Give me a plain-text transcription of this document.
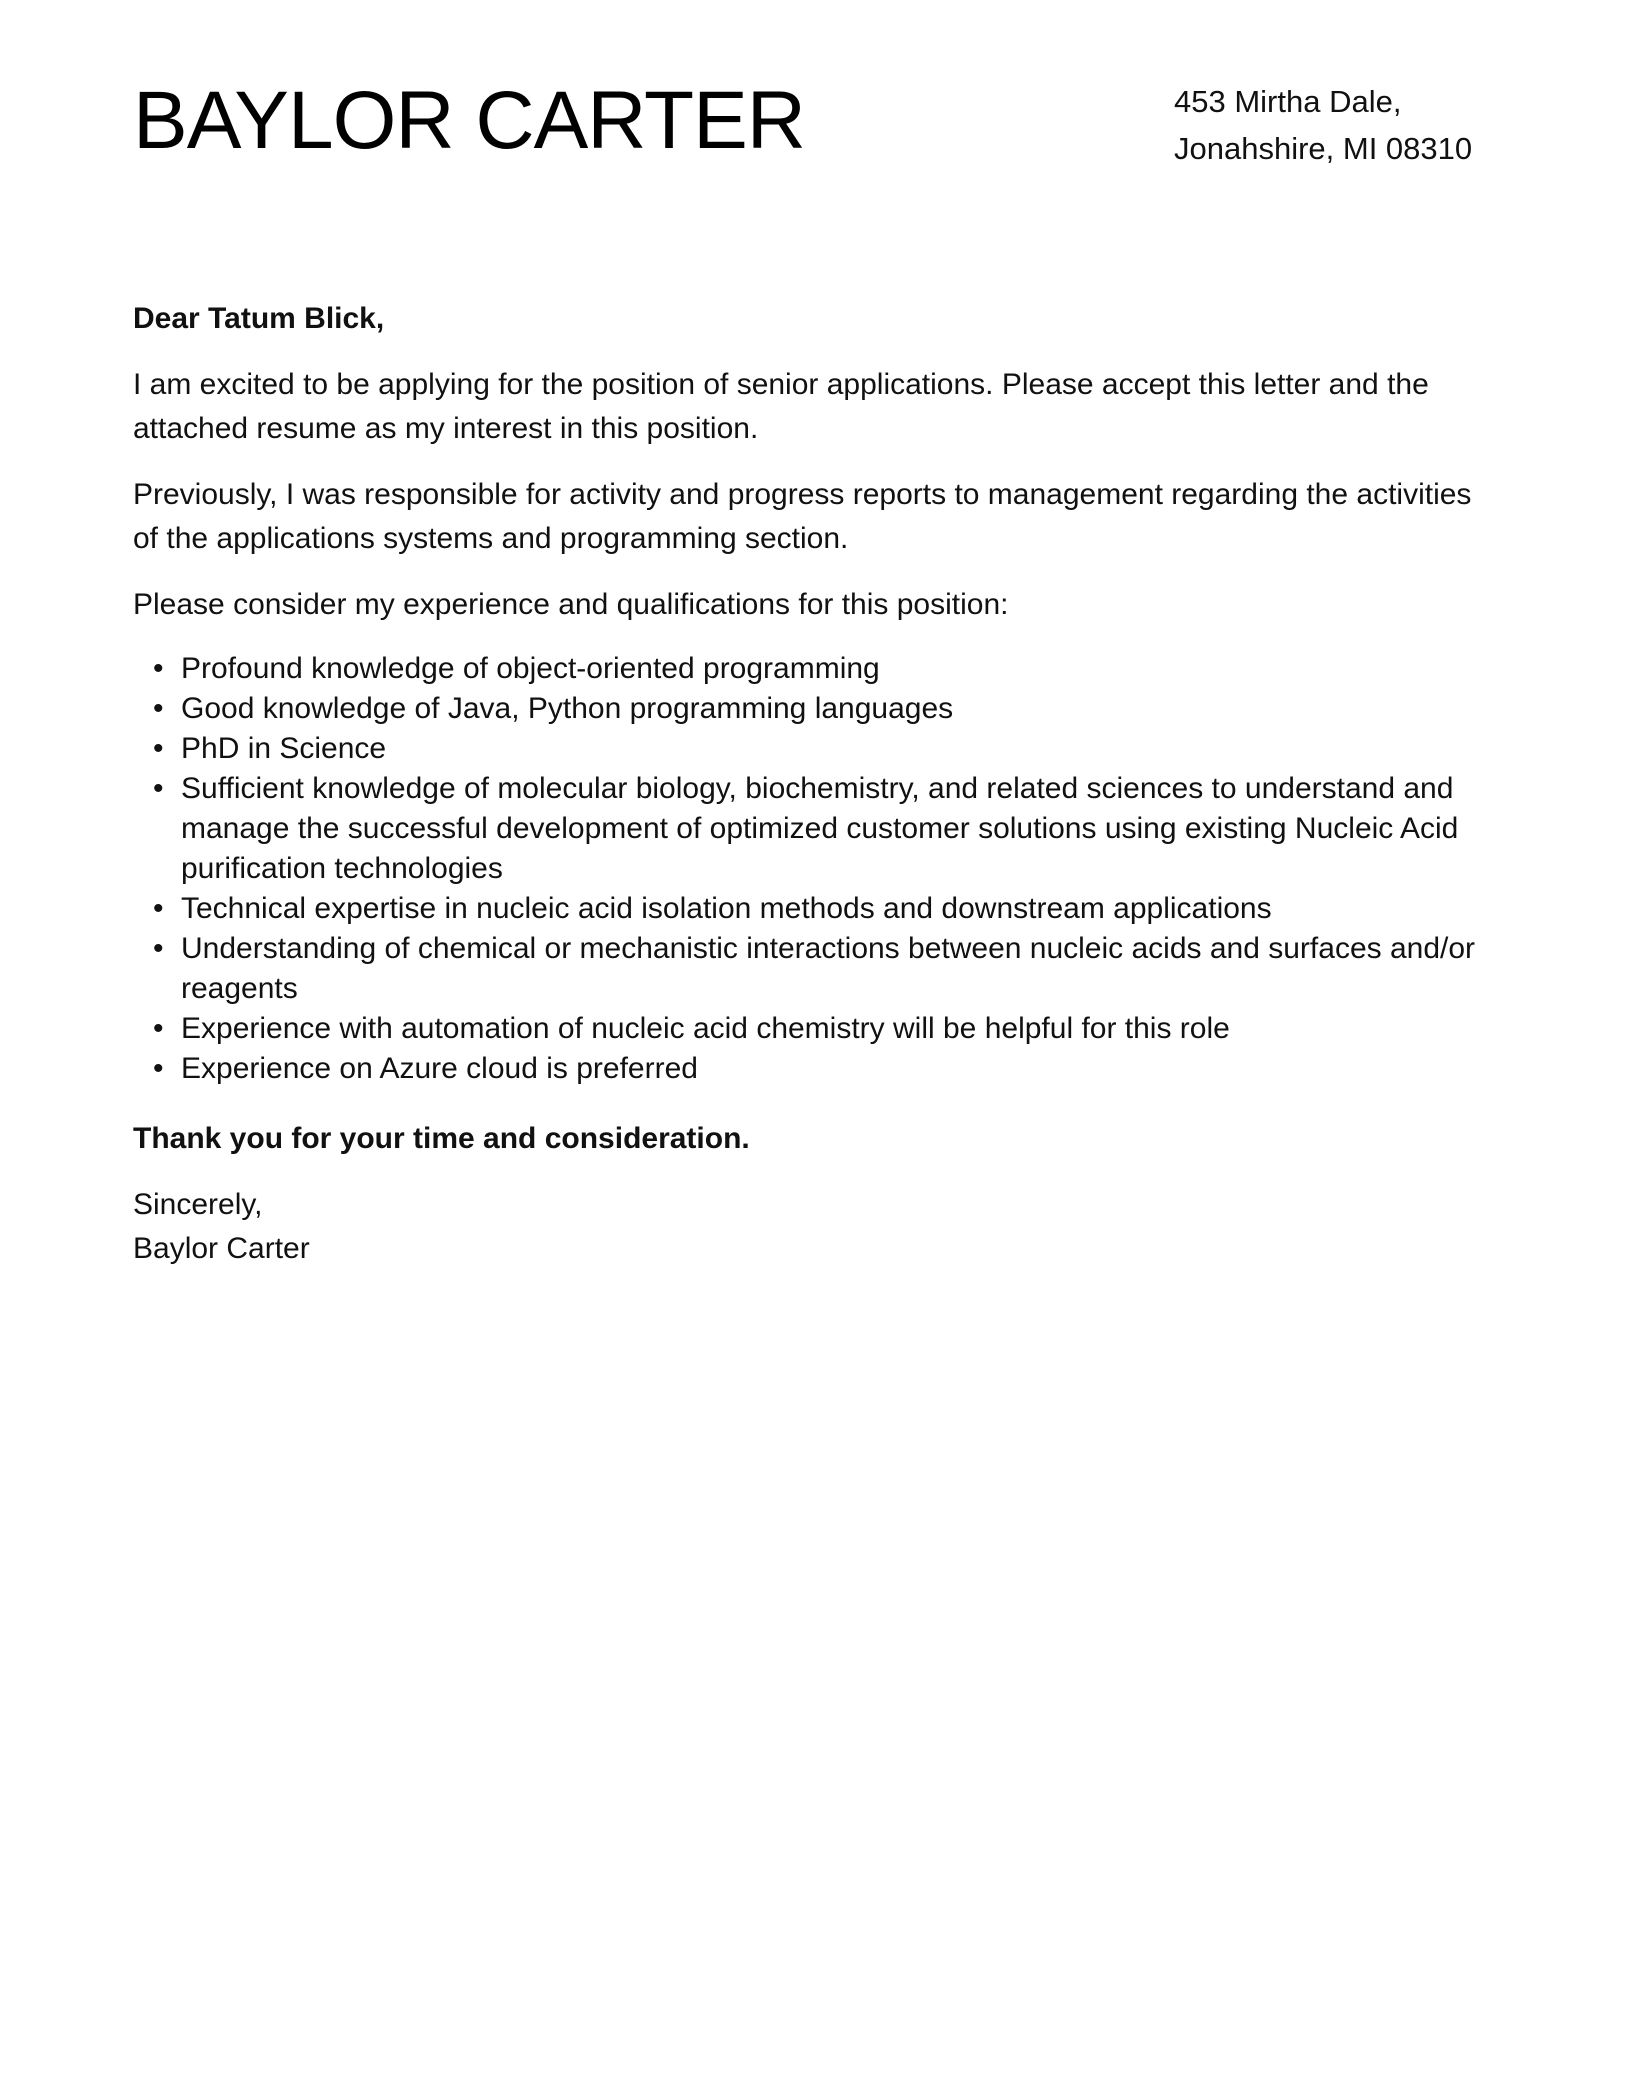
BAYLOR CARTER	453 Mirtha Dale,
Jonahshire, MI 08310

Dear Tatum Blick,

I am excited to be applying for the position of senior applications. Please accept this letter and the attached resume as my interest in this position.

Previously, I was responsible for activity and progress reports to management regarding the activities of the applications systems and programming section.

Please consider my experience and qualifications for this position:

• Profound knowledge of object-oriented programming
• Good knowledge of Java, Python programming languages
• PhD in Science
• Sufficient knowledge of molecular biology, biochemistry, and related sciences to understand and manage the successful development of optimized customer solutions using existing Nucleic Acid purification technologies
• Technical expertise in nucleic acid isolation methods and downstream applications
• Understanding of chemical or mechanistic interactions between nucleic acids and surfaces and/or reagents
• Experience with automation of nucleic acid chemistry will be helpful for this role
• Experience on Azure cloud is preferred

Thank you for your time and consideration.

Sincerely,

Baylor Carter
